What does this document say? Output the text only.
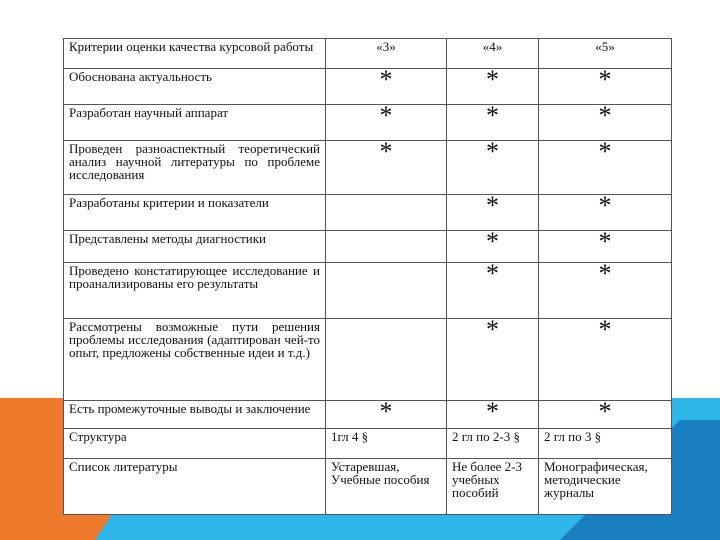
Критерии оценки качества курсовой работы	«3»	«4»	«5»
Обоснована актуальность	*	*	*
Разработан научный аппарат	*	*	*
Проведен разноаспектный теоретический анализ научной литературы по проблеме исследования	*	*	*
Разработаны критерии и показатели		*	*
Представлены методы диагностики		*	*
Проведено констатирующее исследование и проанализированы его результаты		*	*
Рассмотрены возможные пути решения проблемы исследования (адаптирован чей-то опыт, предложены собственные идеи и т.д.)		*	*
Есть промежуточные выводы и заключение	*	*	*
Структура	1гл 4 §	2 гл по 2-3 §	2 гл по 3 §
Список литературы	Устаревшая, Учебные пособия	Не более 2-3 учебных пособий	Монографическая, методические журналы
